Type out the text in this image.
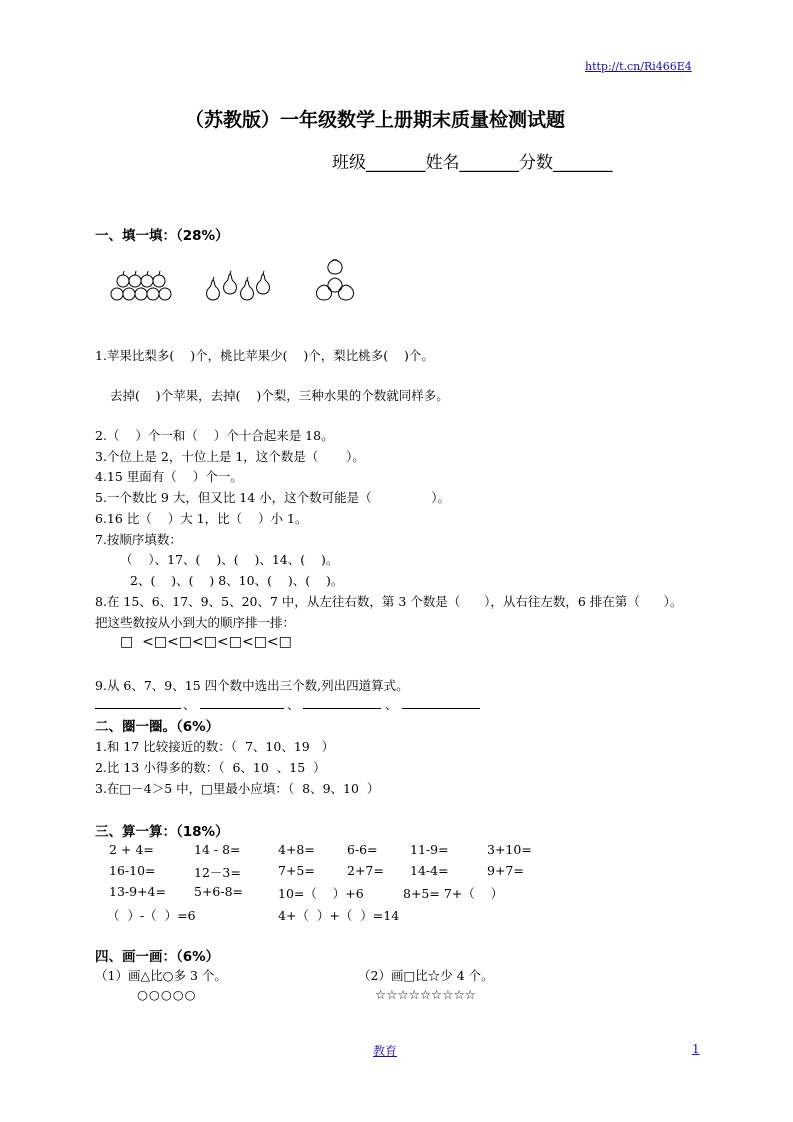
http://t.cn/Ri466E4
（苏教版）一年级数学上册期末质量检测试题
班级_______姓名_______分数_______
一、填一填：（28%）
1.苹果比梨多(    )个，桃比苹果少(    )个，梨比桃多(    )个。
去掉(    )个苹果，去掉(    )个梨，三种水果的个数就同样多。
2.（    ）个一和（    ）个十合起来是 18。
3.个位上是 2，十位上是 1，这个数是（       ）。
4.15 里面有（    ）个一。
5.一个数比 9 大，但又比 14 小，这个数可能是（               ）。
6.16 比（    ）大 1，比（    ）小 1。
7.按顺序填数：
（    ）、17、(    )、(    )、14、(    )。
2、(    )、(    ) 8、10、(    )、(    )。
8.在 15、6、17、9、5、20、7 中，从左往右数，第 3 个数是（      ），从右往左数，6 排在第（      ）。
把这些数按从小到大的顺序排一排：
□  <□<□<□<□<□<□
9.从 6、7、9、15 四个数中选出三个数,列出四道算式。
、	、	、
二、圈一圈。（6%）
1.和 17 比较接近的数：（  7、10、19   ）
2.比 13 小得多的数：（  6、10  、15  ）
3.在□－4＞5 中，□里最小应填：（  8、9、10  ）
三、算一算：（18%）
2 + 4=	14 - 8=	4+8=	6-6=	11-9=	3+10=
16-10=	12－3=	7+5=	2+7= 14-4=	9+7=
13-9+4= 5+6-8=	10=（    ）+6	8+5= 7+（    ）
（  ）-（  ）=6	4+（  ）+（  ）=14
四、画一画：（6%）
（1）画△比○多 3 个。
○○○○○
（2）画□比☆少 4 个。
☆☆☆☆☆☆☆☆☆
教育	1
